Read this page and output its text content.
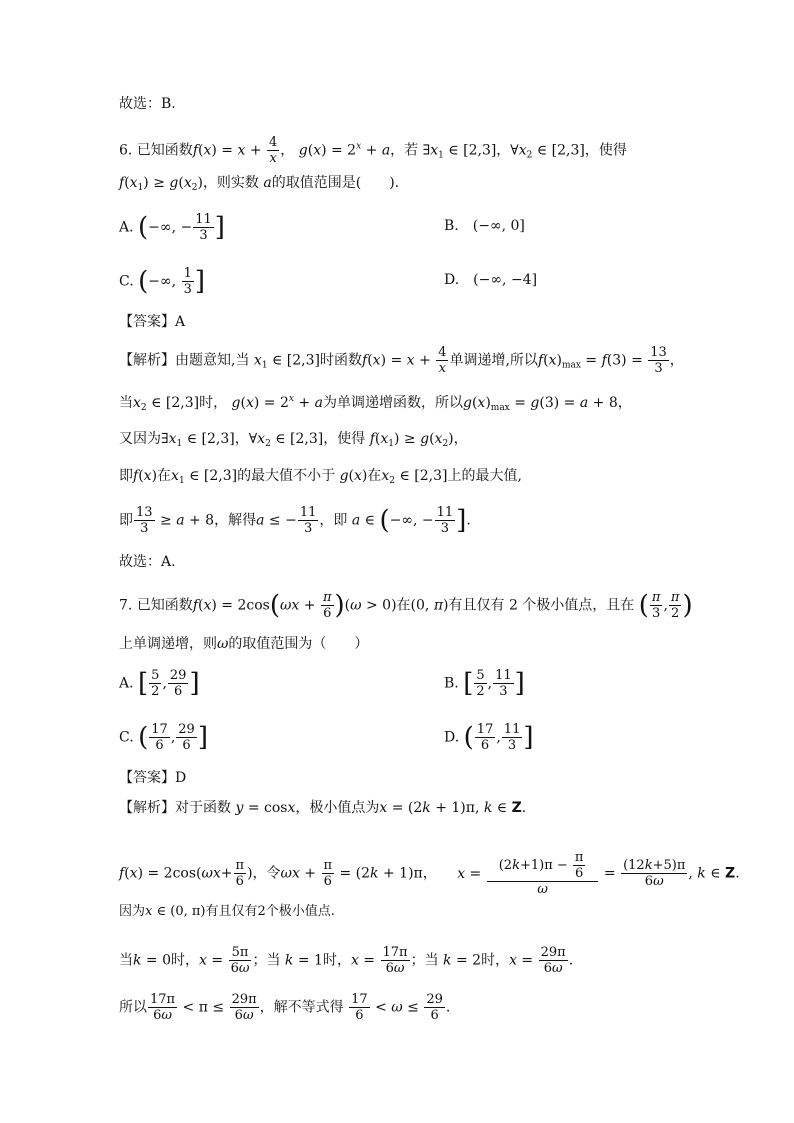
故选：B.
6. 已知函数$f(x) = x + \frac{4}{x}$ ， $g(x) = 2^x + a$，若 $\exists x_1$ ∈ [2,3]，$\forall x_2$ ∈ [2,3]，使得
$f(x_1) \ge g(x_2)$，则实数 a的取值范围是(　　 ).
A. (−∞, − $\frac{11}{3}$ ]	B.　(−∞, 0]
C. (−∞, $\frac{1}{3}$ ]	D.　(−∞, −4]
【答案】A
【解析】由题意知,当 $x_1$ ∈ [2,3]时函数$f(x) = x + \frac{4}{x}$ 单调递增,所以$f(x)_{max} = f(3) = \frac{13}{3}$ ，
当$x_2$ ∈ [2,3]时， $g(x) = 2^x + a$为单调递增函数，所以$g(x)_{max} = g(3) = a + 8$，
又因为$\exists x_1$ ∈ [2,3]，$\forall x_2$ ∈ [2,3]，使得 $f(x_1) \ge g(x_2)$，
即f(x)在$x_1$ ∈ [2,3]的最大值不小于 g(x)在$x_2$ ∈ [2,3]上的最大值,
即 $\frac{13}{3} \ge a + 8$，解得a ≤ − $\frac{11}{3}$ ，即 a ∈ (−∞, − $\frac{11}{3}$ ].
故选：A.
7. 已知函数$f(x) = 2\cos(\omega x + \frac{\pi}{6} )(\omega > 0)$在(0, π)有且仅有 2 个极小值点，且在 ( $\frac{\pi}{3}$ , $\frac{\pi}{2}$ )
上单调递增，则ω的取值范围为（　　）
A. [ $\frac{5}{2}$ , $\frac{29}{6}$ ]	B. [ $\frac{5}{2}$ , $\frac{11}{3}$ ]
C. ( $\frac{17}{6}$ , $\frac{29}{6}$ ]	D. ( $\frac{17}{6}$ , $\frac{11}{3}$ ]
【答案】D
【解析】对于函数 y = cosx，极小值点为x = (2k + 1)π, k ∈ Z.
$f(x) = 2\cos(\omega x+ \frac{\pi}{6}$ )，令$\omega x + \frac{\pi}{6} = (2k + 1)\pi$， $x = \frac{(2k+1)\pi - \frac{\pi}{6}}{\omega} = \frac{(12k+5)\pi}{6\omega}$ , k ∈ Z.
因为x ∈ (0, π)有且仅有2个极小值点.
当k = 0时，$x = \frac{5\pi}{6\omega}$ ；当 k = 1时，$x = \frac{17\pi}{6\omega}$ ；当 k = 2时，$x = \frac{29\pi}{6\omega}$ .
所以 $\frac{17\pi}{6\omega} < \pi \le \frac{29\pi}{6\omega}$ ，解不等式得 $\frac{17}{6} < \omega \le \frac{29}{6}$ .
